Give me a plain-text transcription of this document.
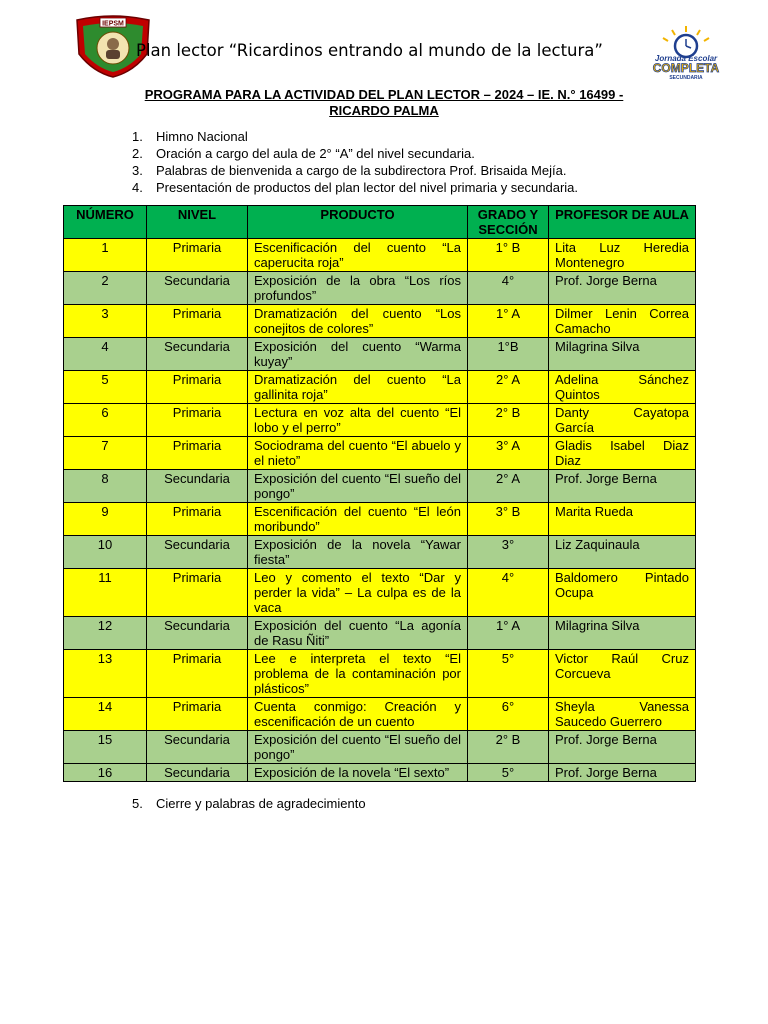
IEPSM
Plan lector “Ricardinos entrando al mundo de la lectura”	Jornada Escolar
COMPLETA
SECUNDARIA
PROGRAMA PARA LA ACTIVIDAD DEL PLAN LECTOR – 2024 – IE. N.° 16499 -
RICARDO PALMA
1.	Himno Nacional
2.	Oración a cargo del aula de 2° “A” del nivel secundaria.
3.	Palabras de bienvenida a cargo de la subdirectora Prof. Brisaida Mejía.
4.	Presentación de productos del plan lector del nivel primaria y secundaria.
NÚMERO	NIVEL	PRODUCTO	GRADO Y SECCIÓN	PROFESOR DE AULA
1	Primaria	Escenificación del cuento “La caperucita roja”	1° B	Lita Luz Heredia Montenegro
2	Secundaria	Exposición de la obra “Los ríos profundos”	4°	Prof. Jorge Berna
3	Primaria	Dramatización del cuento “Los conejitos de colores”	1° A	Dilmer Lenin Correa Camacho
4	Secundaria	Exposición del cuento “Warma kuyay”	1°B	Milagrina Silva
5	Primaria	Dramatización del cuento “La gallinita roja”	2° A	Adelina Sánchez Quintos
6	Primaria	Lectura en voz alta del cuento “El lobo y el perro”	2° B	Danty Cayatopa García
7	Primaria	Sociodrama del cuento “El abuelo y el nieto”	3° A	Gladis Isabel Diaz Diaz
8	Secundaria	Exposición del cuento “El sueño del pongo”	2° A	Prof. Jorge Berna
9	Primaria	Escenificación del cuento “El león moribundo”	3° B	Marita Rueda
10	Secundaria	Exposición de la novela “Yawar fiesta”	3°	Liz Zaquinaula
11	Primaria	Leo y comento el texto “Dar y perder la vida” – La culpa es de la vaca	4°	Baldomero Pintado Ocupa
12	Secundaria	Exposición del cuento “La agonía de Rasu Ñiti”	1° A	Milagrina Silva
13	Primaria	Lee e interpreta el texto “El problema de la contaminación por plásticos”	5°	Victor Raúl Cruz Corcueva
14	Primaria	Cuenta conmigo: Creación y escenificación de un cuento	6°	Sheyla Vanessa Saucedo Guerrero
15	Secundaria	Exposición del cuento “El sueño del pongo”	2° B	Prof. Jorge Berna
16	Secundaria	Exposición de la novela “El sexto”	5°	Prof. Jorge Berna
5.	Cierre y palabras de agradecimiento
